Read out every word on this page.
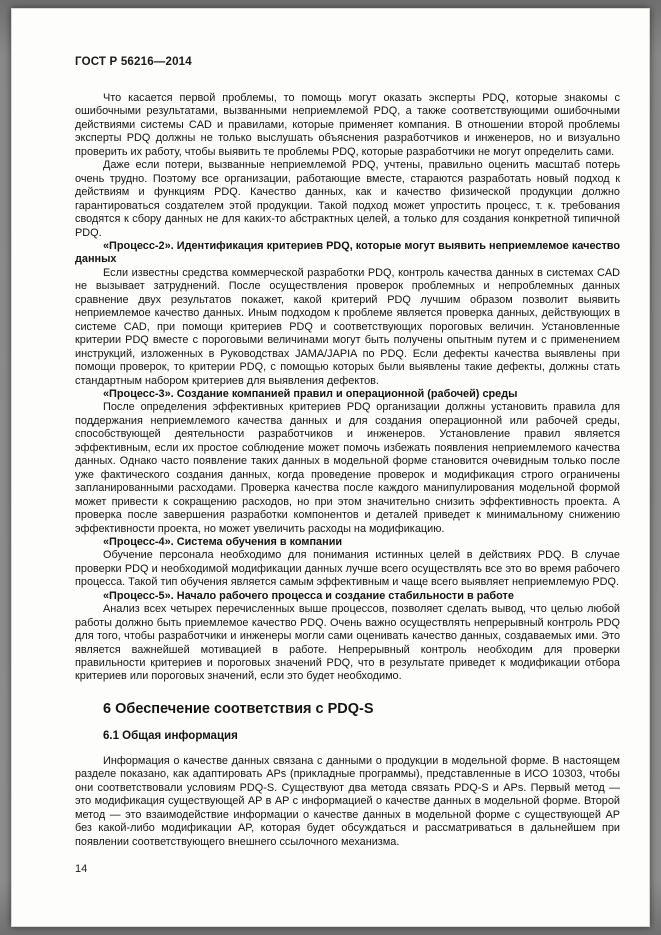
ГОСТ Р 56216—2014

Что касается первой проблемы, то помощь могут оказать эксперты PDQ, которые знакомы с ошибочными результатами, вызванными неприемлемой PDQ, а также соответствующими ошибочными действиями системы CAD и правилами, которые применяет компания. В отношении второй проблемы эксперты PDQ должны не только выслушать объяснения разработчиков и инженеров, но и визуально проверить их работу, чтобы выявить те проблемы PDQ, которые разработчики не могут определить сами.

Даже если потери, вызванные неприемлемой PDQ, учтены, правильно оценить масштаб потерь очень трудно. Поэтому все организации, работающие вместе, стараются разработать новый подход к действиям и функциям PDQ. Качество данных, как и качество физической продукции должно гарантироваться создателем этой продукции. Такой подход может упростить процесс, т. к. требования сводятся к сбору данных не для каких-то абстрактных целей, а только для создания конкретной типичной PDQ.

«Процесс-2». Идентификация критериев PDQ, которые могут выявить неприемлемое качество данных

Если известны средства коммерческой разработки PDQ, контроль качества данных в системах CAD не вызывает затруднений. После осуществления проверок проблемных и непроблемных данных сравнение двух результатов покажет, какой критерий PDQ лучшим образом позволит выявить неприемлемое качество данных. Иным подходом к проблеме является проверка данных, действующих в системе CAD, при помощи критериев PDQ и соответствующих пороговых величин. Установленные критерии PDQ вместе с пороговыми величинами могут быть получены опытным путем и с применением инструкций, изложенных в Руководствах JAMA/JAPIA по PDQ. Если дефекты качества выявлены при помощи проверок, то критерии PDQ, с помощью которых были выявлены такие дефекты, должны стать стандартным набором критериев для выявления дефектов.

«Процесс-3». Создание компанией правил и операционной (рабочей) среды

После определения эффективных критериев PDQ организации должны установить правила для поддержания неприемлемого качества данных и для создания операционной или рабочей среды, способствующей деятельности разработчиков и инженеров. Установление правил является эффективным, если их простое соблюдение может помочь избежать появления неприемлемого качества данных. Однако часто появление таких данных в модельной форме становится очевидным только после уже фактического создания данных, когда проведение проверок и модификация строго ограничены запланированными расходами. Проверка качества после каждого манипулирования модельной формой может привести к сокращению расходов, но при этом значительно снизить эффективность проекта. А проверка после завершения разработки компонентов и деталей приведет к минимальному снижению эффективности проекта, но может увеличить расходы на модификацию.

«Процесс-4». Система обучения в компании

Обучение персонала необходимо для понимания истинных целей в действиях PDQ. В случае проверки PDQ и необходимой модификации данных лучше всего осуществлять все это во время рабочего процесса. Такой тип обучения является самым эффективным и чаще всего выявляет неприемлемую PDQ.

«Процесс-5». Начало рабочего процесса и создание стабильности в работе

Анализ всех четырех перечисленных выше процессов, позволяет сделать вывод, что целью любой работы должно быть приемлемое качество PDQ. Очень важно осуществлять непрерывный контроль PDQ для того, чтобы разработчики и инженеры могли сами оценивать качество данных, создаваемых ими. Это является важнейшей мотивацией в работе. Непрерывный контроль необходим для проверки правильности критериев и пороговых значений PDQ, что в результате приведет к модификации отбора критериев или пороговых значений, если это будет необходимо.

6 Обеспечение соответствия с PDQ-S
6.1 Общая информация

Информация о качестве данных связана с данными о продукции в модельной форме. В настоящем разделе показано, как адаптировать APs (прикладные программы), представленные в ИСО 10303, чтобы они соответствовали условиям PDQ-S. Существуют два метода связать PDQ-S и APs. Первый метод — это модификация существующей AP в AP с информацией о качестве данных в модельной форме. Второй метод — это взаимодействие информации о качестве данных в модельной форме с существующей AP без какой-либо модификации AP, которая будет обсуждаться и рассматриваться в дальнейшем при появлении соответствующего внешнего ссылочного механизма.

14
